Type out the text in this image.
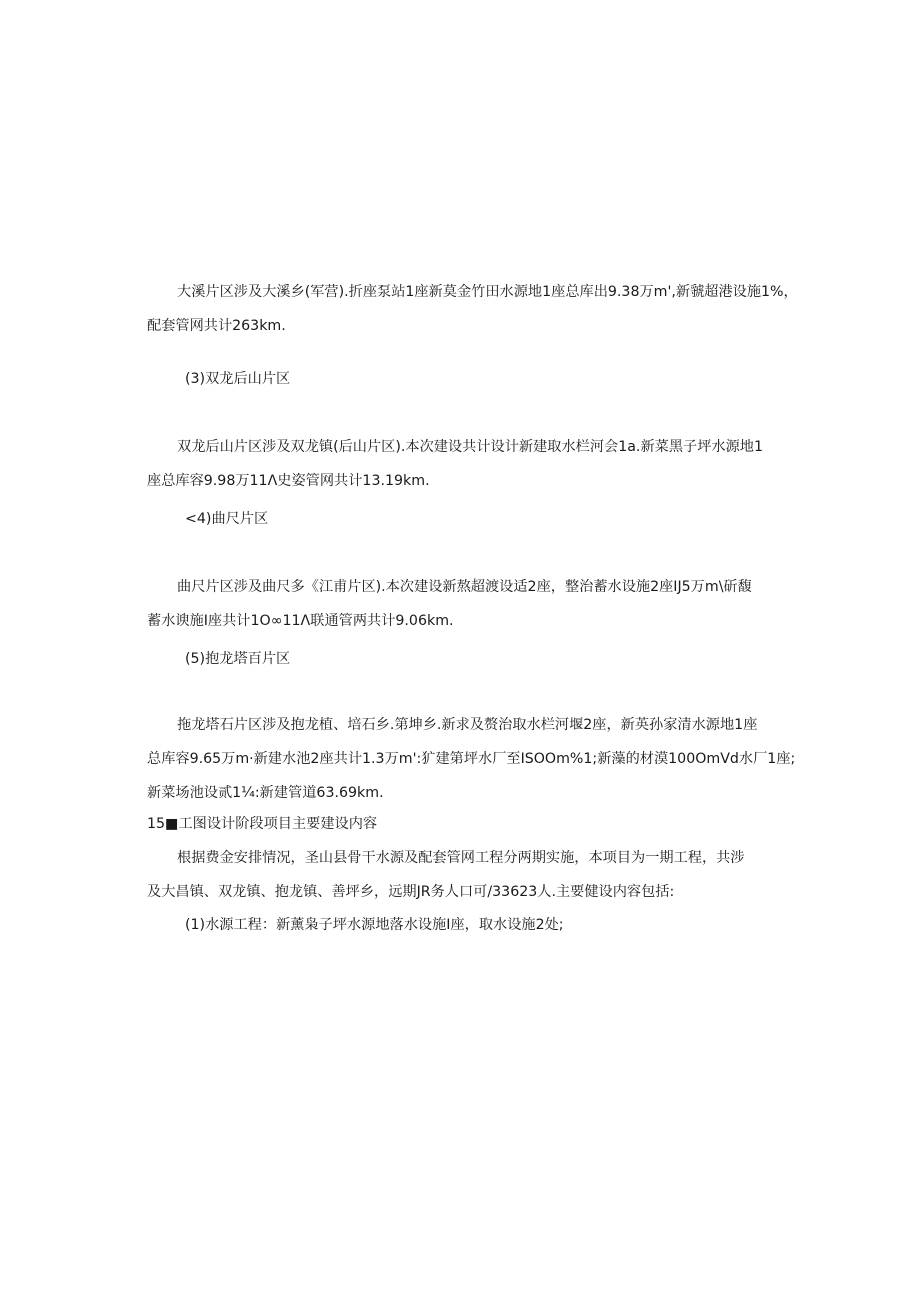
大溪片区涉及大溪乡(军营).折座泵站1座新莫金竹田水源地1座总库出9.38万m',新虢超港设施1%，
配套管网共计263km.
(3)双龙后山片区
双龙后山片区涉及双龙镇(后山片区).本次建设共计设计新建取水栏河会1a.新菜黑子坪水源地1
座总库容9.98万11Λ史姿管网共计13.19km.
<4)曲尺片区
曲尺片区涉及曲尺多《江甫片区).本次建设新熬超渡设适2座，整治蓄水设施2座IJ5万m\斫馥
蓄水谀施I座共计1O∞11Λ联通管两共计9.06km.
(5)抱龙塔百片区
拖龙塔石片区涉及抱龙植、培石乡.第坤乡.新求及赘治取水栏河堰2座，新英孙家清水源地1座
总库容9.65万m·新建水池2座共计1.3万m':犷建第坪水厂至ISOOm%1;新藻的材漠100OmVd水厂1座;
新菜场池设贰1¼:新建管道63.69km.
15■工图设计阶段项目主要建设内容
根据费金安排情况，圣山县骨干水源及配套管网工程分两期实施，本项目为一期工程，共涉
及大昌镇、双龙镇、抱龙镇、善坪乡，远期JR务人口可/33623人.主要健设内容包括:
(1)水源工程：新薰枭子坪水源地落水设施I座，取水设施2处;
